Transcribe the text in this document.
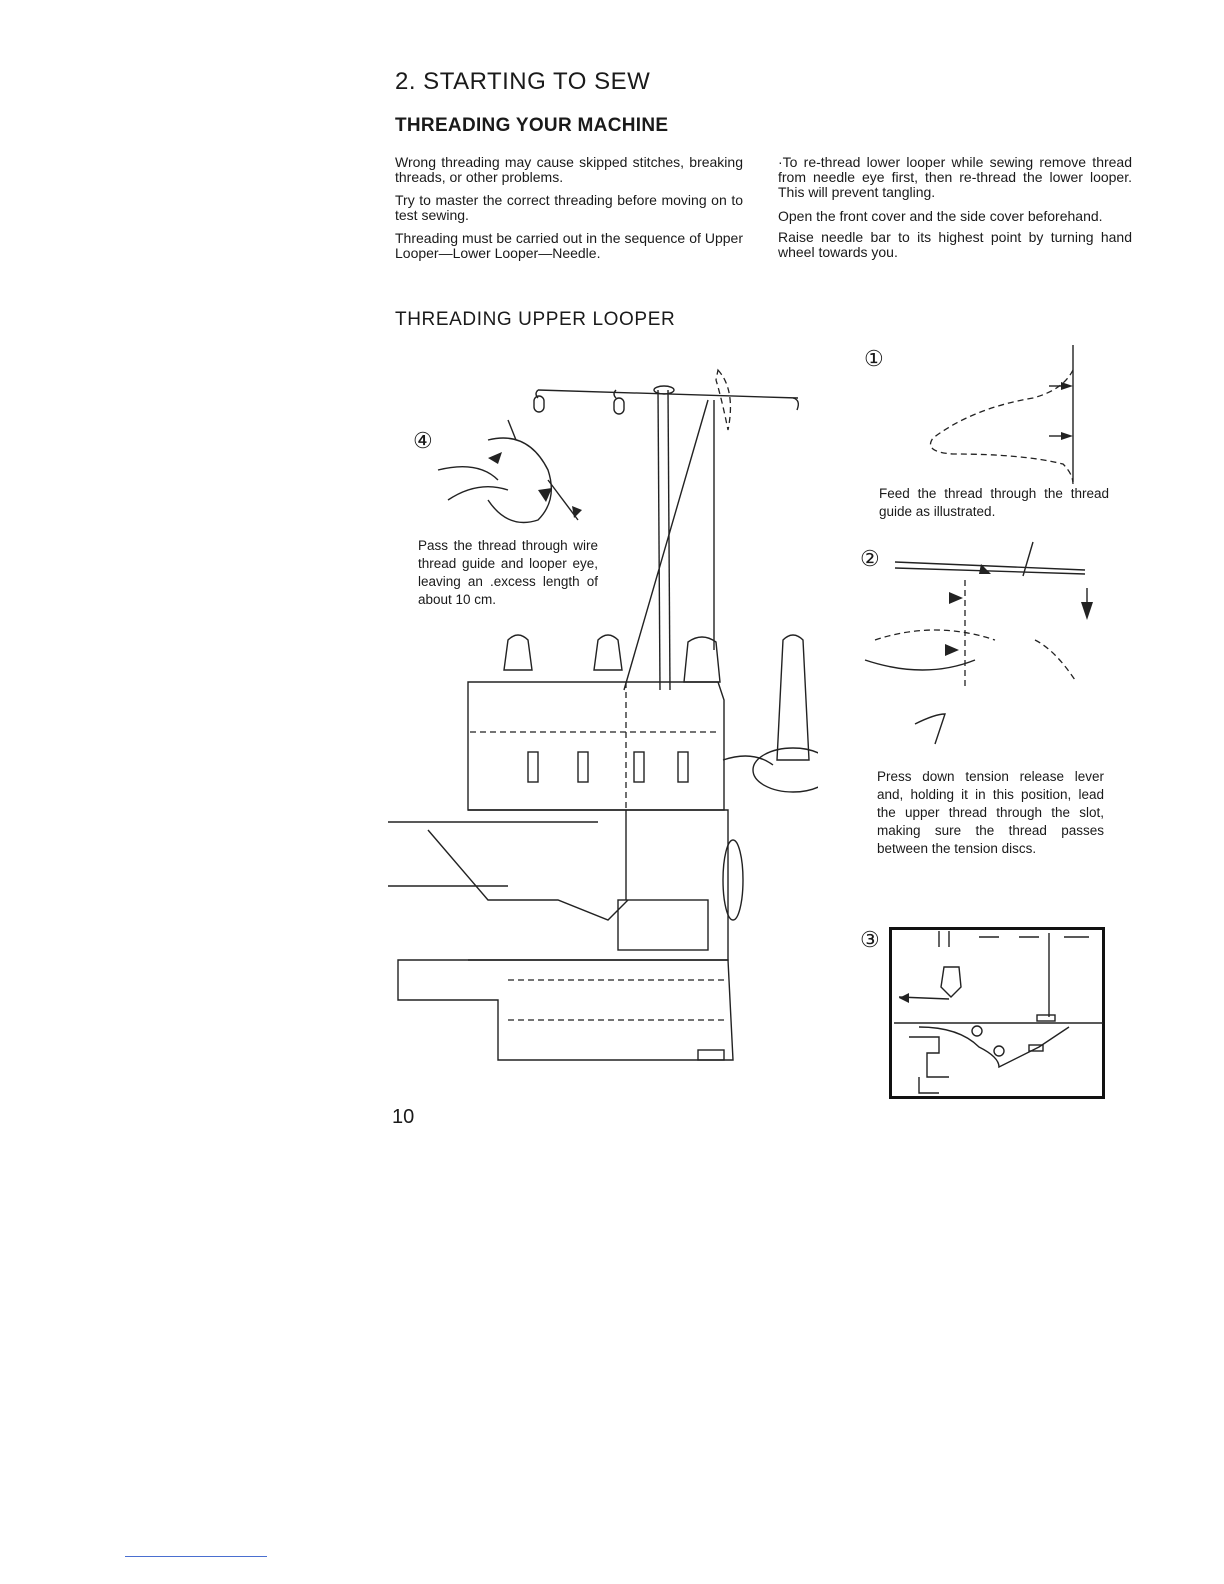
2. STARTING TO SEW
THREADING YOUR MACHINE

Wrong threading may cause skipped stitches, breaking threads, or other problems.

Try to master the correct threading before moving on to test sewing.

Threading must be carried out in the sequence of Upper Looper—Lower Looper—Needle.

·To re-thread lower looper while sewing remove thread from needle eye first, then re-thread the lower looper. This will prevent tangling.

Open the front cover and the side cover beforehand.

Raise needle bar to its highest point by turning hand wheel towards you.

THREADING UPPER LOOPER
④

Pass the thread through wire thread guide and looper eye, leaving an .excess length of about 10 cm.

①

Feed the thread through the thread guide as illustrated.

②

Press down tension release lever and, holding it in this position, lead the upper thread through the slot, making sure the thread passes between the tension discs.

③
10
